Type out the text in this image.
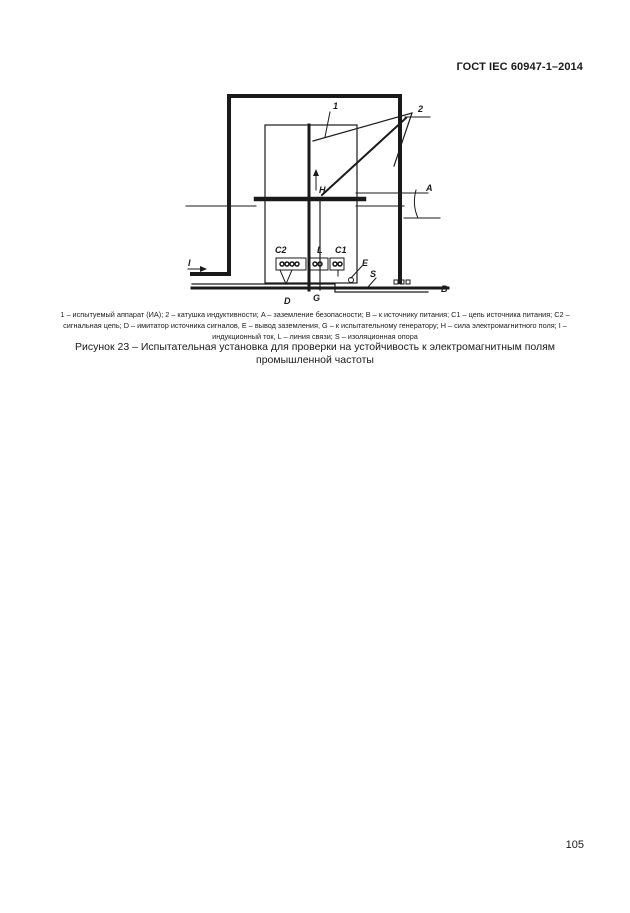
ГОСТ IEC 60947-1–2014
1	2
A
B
C1
C2
D
E
G
H
I
L
S
1 – испытуемый аппарат (ИА); 2 – катушка индуктивности; A – заземление безопасности; B – к источнику питания; C1 – цепь источника питания; C2 – сигнальная цепь; D – имитатор источника сигналов, E – вывод заземления, G – к испытательному генератору; H – сила электромагнитного поля; I – индукционный ток, L – линия связи; S – изоляционная опора
Рисунок 23 – Испытательная установка для проверки на устойчивость к электромагнитным полям промышленной частоты
105
